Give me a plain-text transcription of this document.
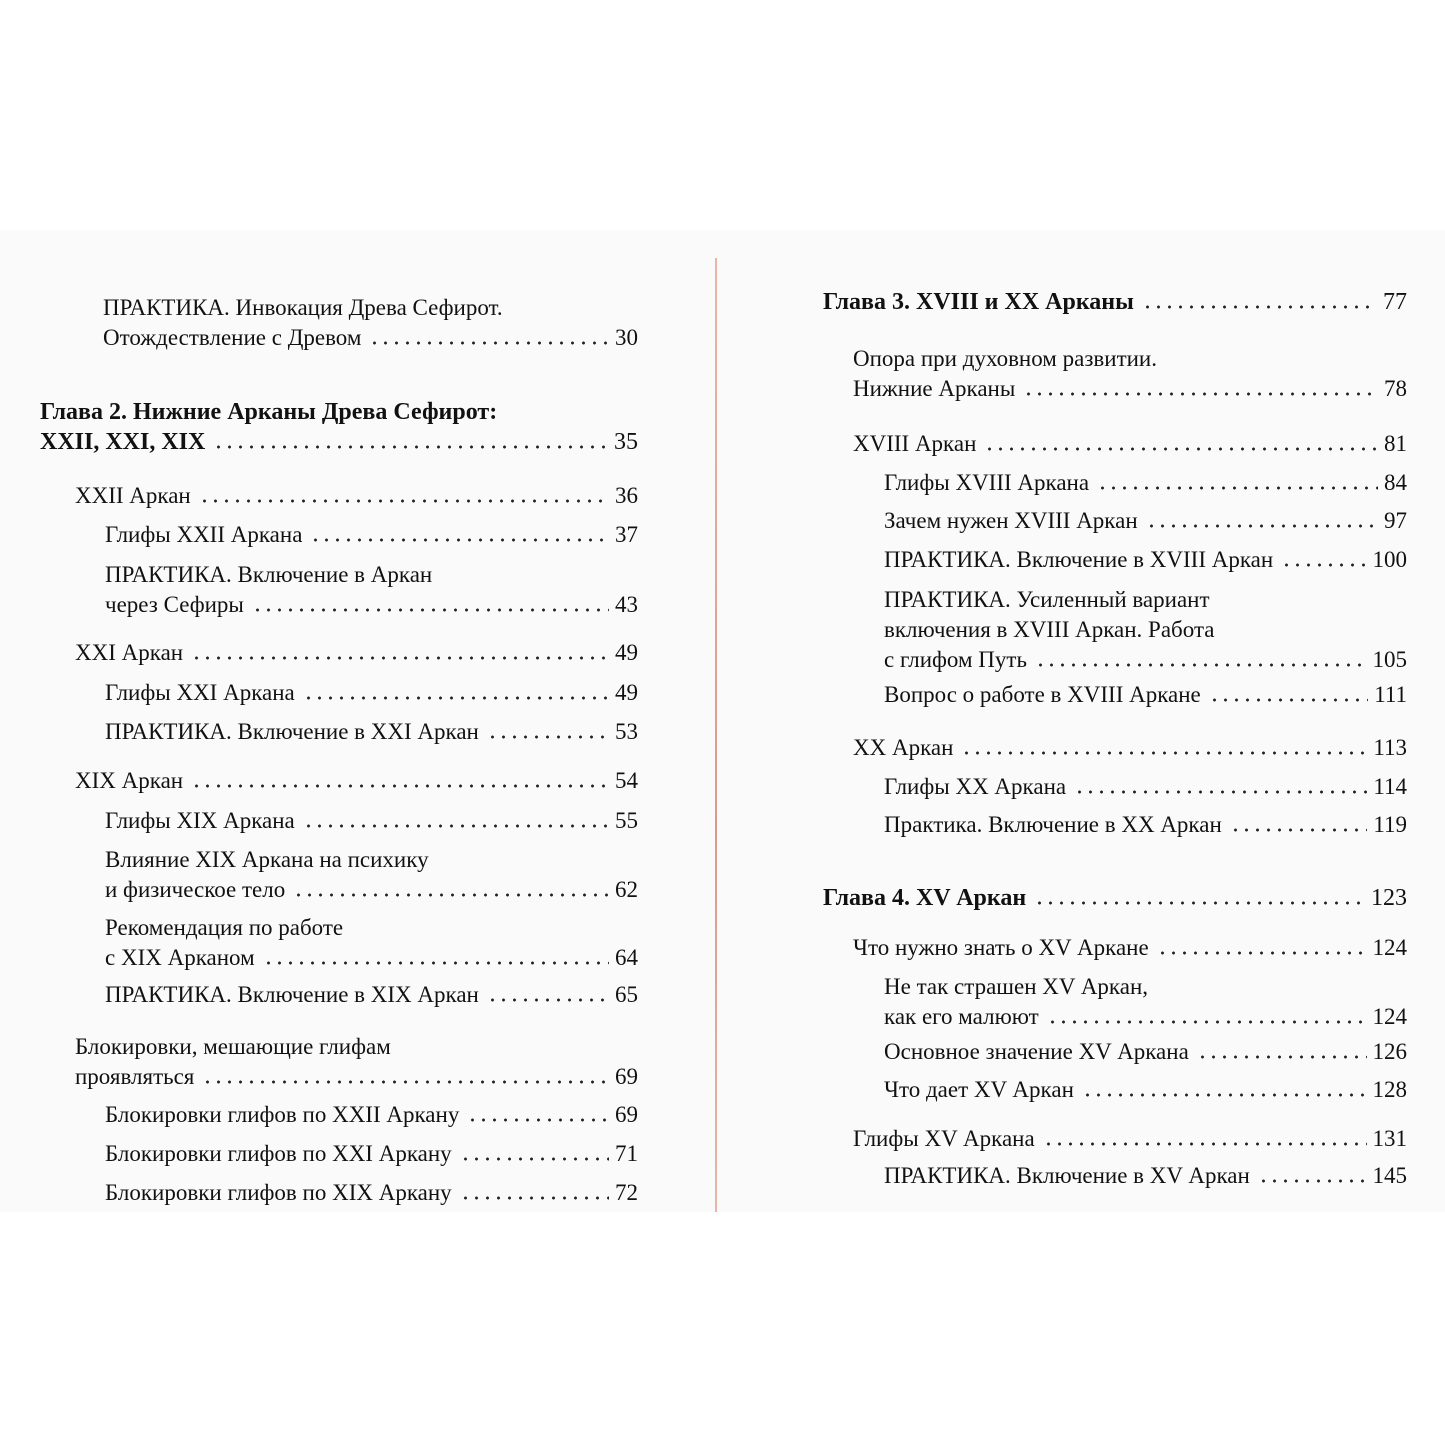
ПРАКТИКА. Инвокация Древа Сефирот.
Отождествление с Древом	30
Глава 2. Нижние Арканы Древа Сефирот:
XXII, XXI, XIX	35
XXII Аркан	36
Глифы XXII Аркана	37
ПРАКТИКА. Включение в Аркан
через Сефиры	43
XXI Аркан	49
Глифы XXI Аркана	49
ПРАКТИКА. Включение в XXI Аркан	53
XIX Аркан	54
Глифы XIX Аркана	55
Влияние XIX Аркана на психику
и физическое тело	62
Рекомендация по работе
с XIX Арканом	64
ПРАКТИКА. Включение в XIX Аркан	65
Блокировки, мешающие глифам
проявляться	69
Блокировки глифов по XXII Аркану	69
Блокировки глифов по XXI Аркану	71
Блокировки глифов по XIX Аркану	72
Глава 3. XVIII и XX Арканы	77
Опора при духовном развитии.
Нижние Арканы	78
XVIII Аркан	81
Глифы XVIII Аркана	84
Зачем нужен XVIII Аркан	97
ПРАКТИКА. Включение в XVIII Аркан	100
ПРАКТИКА. Усиленный вариант
включения в XVIII Аркан. Работа
с глифом Путь	105
Вопрос о работе в XVIII Аркане	111
XX Аркан	113
Глифы XX Аркана	114
Практика. Включение в XX Аркан	119
Глава 4. XV Аркан	123
Что нужно знать о XV Аркане	124
Не так страшен XV Аркан,
как его малюют	124
Основное значение XV Аркана	126
Что дает XV Аркан	128
Глифы XV Аркана	131
ПРАКТИКА. Включение в XV Аркан	145
